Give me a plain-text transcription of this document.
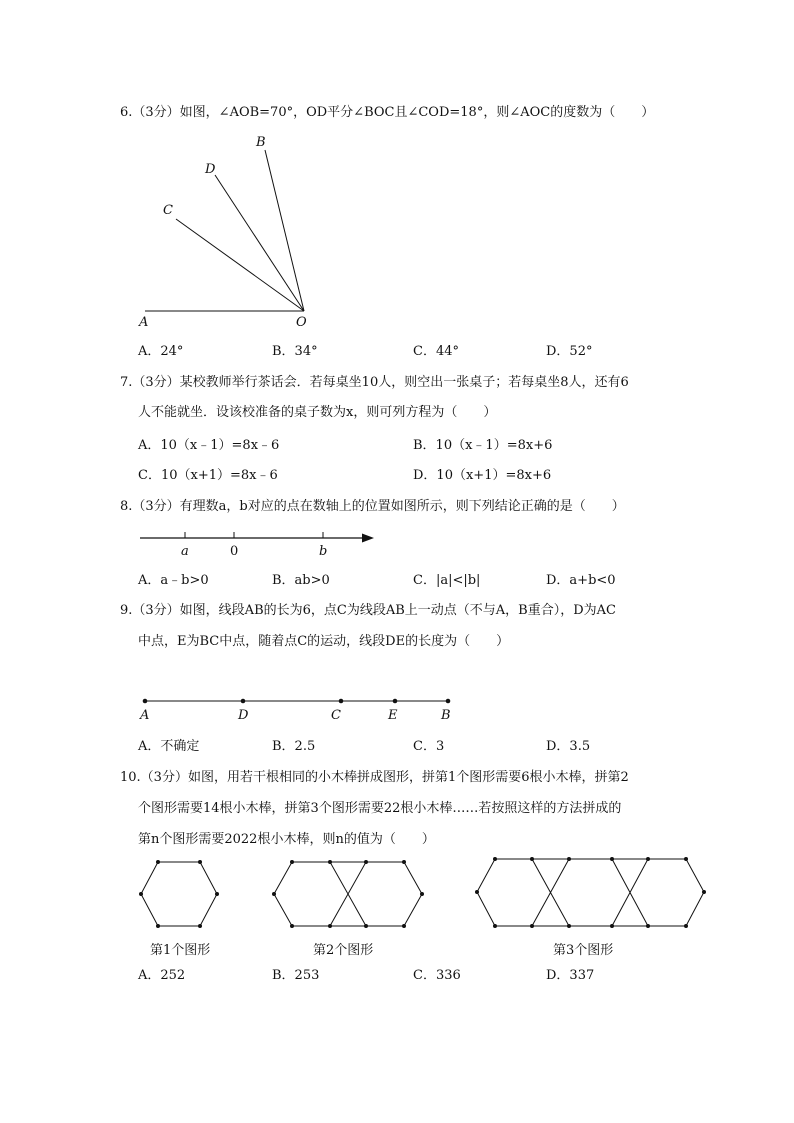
6.（3分）如图，∠AOB=70°，OD平分∠BOC且∠COD=18°，则∠AOC的度数为（　　）
B
D
C
A	O
A．24°	B．34°	C．44°	D．52°
7.（3分）某校教师举行茶话会．若每桌坐10人，则空出一张桌子；若每桌坐8人，还有6
人不能就坐．设该校准备的桌子数为x，则可列方程为（　　）
A．10（x﹣1）=8x﹣6	B．10（x﹣1）=8x+6
C．10（x+1）=8x﹣6	D．10（x+1）=8x+6
8.（3分）有理数a，b对应的点在数轴上的位置如图所示，则下列结论正确的是（　　）
a	0	b
A．a﹣b>0	B．ab>0	C．|a|<|b|	D．a+b<0
9.（3分）如图，线段AB的长为6，点C为线段AB上一动点（不与A，B重合），D为AC
中点，E为BC中点，随着点C的运动，线段DE的长度为（　　）
A	D	C	E	B
A．不确定	B．2.5	C．3	D．3.5
10.（3分）如图，用若干根相同的小木棒拼成图形，拼第1个图形需要6根小木棒，拼第2
个图形需要14根小木棒，拼第3个图形需要22根小木棒……若按照这样的方法拼成的
第n个图形需要2022根小木棒，则n的值为（　　）
第1个图形	第2个图形	第3个图形
A．252	B．253	C．336	D．337
